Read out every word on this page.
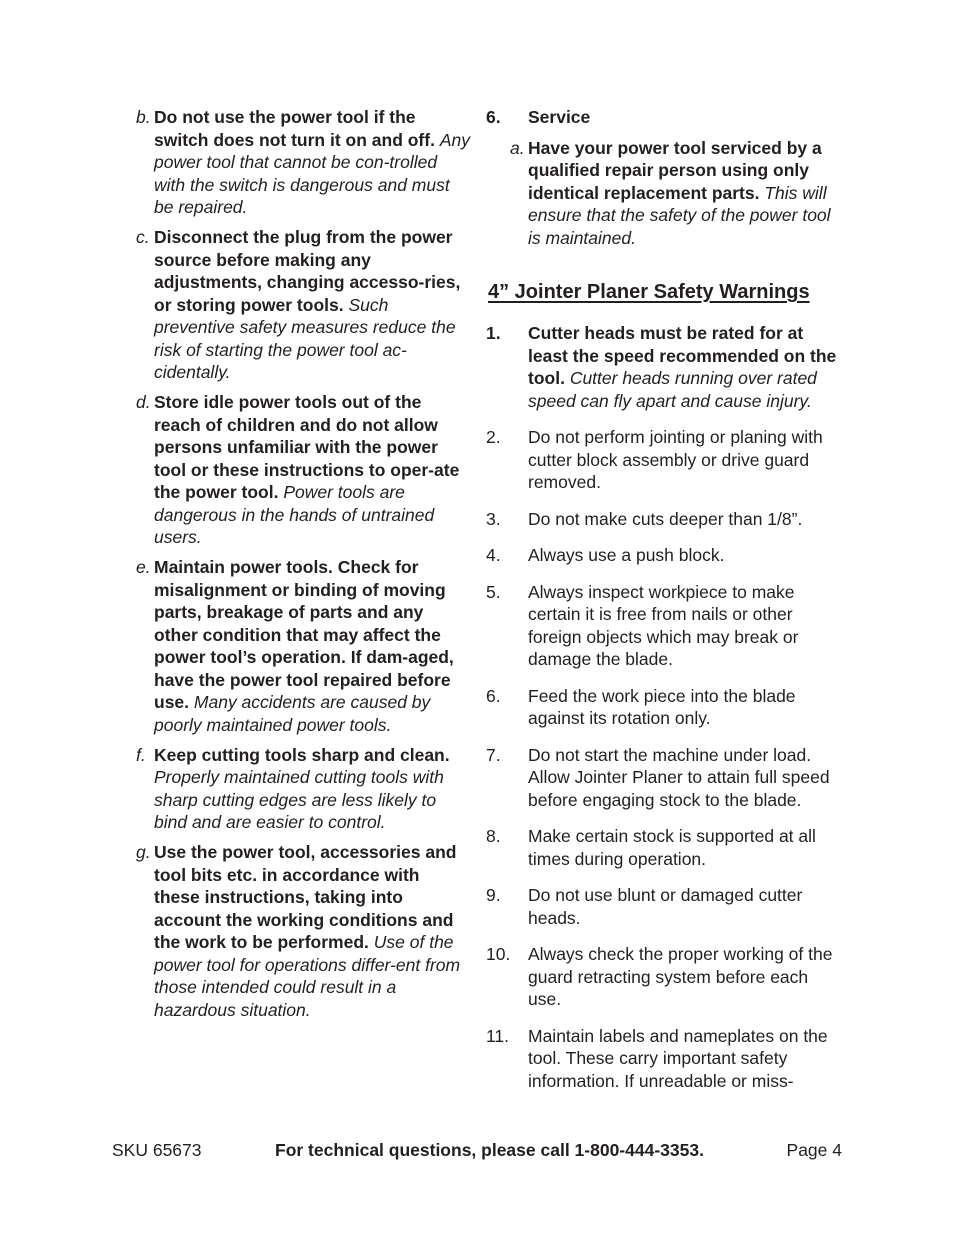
b. Do not use the power tool if the switch does not turn it on and off. Any power tool that cannot be con-trolled with the switch is dangerous and must be repaired.
c. Disconnect the plug from the power source before making any adjustments, changing accesso-ries, or storing power tools. Such preventive safety measures reduce the risk of starting the power tool ac-cidentally.
d. Store idle power tools out of the reach of children and do not allow persons unfamiliar with the power tool or these instructions to oper-ate the power tool. Power tools are dangerous in the hands of untrained users.
e. Maintain power tools. Check for misalignment or binding of moving parts, breakage of parts and any other condition that may affect the power tool’s operation. If dam-aged, have the power tool repaired before use. Many accidents are caused by poorly maintained power tools.
f. Keep cutting tools sharp and clean. Properly maintained cutting tools with sharp cutting edges are less likely to bind and are easier to control.
g. Use the power tool, accessories and tool bits etc. in accordance with these instructions, taking into account the working conditions and the work to be performed. Use of the power tool for operations differ-ent from those intended could result in a hazardous situation.
6. Service
a. Have your power tool serviced by a qualified repair person using only identical replacement parts. This will ensure that the safety of the power tool is maintained.
4” Jointer Planer Safety Warnings
1. Cutter heads must be rated for at least the speed recommended on the tool. Cutter heads running over rated speed can fly apart and cause injury.
2. Do not perform jointing or planing with cutter block assembly or drive guard removed.
3. Do not make cuts deeper than 1/8”.
4. Always use a push block.
5. Always inspect workpiece to make certain it is free from nails or other foreign objects which may break or damage the blade.
6. Feed the work piece into the blade against its rotation only.
7. Do not start the machine under load. Allow Jointer Planer to attain full speed before engaging stock to the blade.
8. Make certain stock is supported at all times during operation.
9. Do not use blunt or damaged cutter heads.
10. Always check the proper working of the guard retracting system before each use.
11. Maintain labels and nameplates on the tool. These carry important safety information. If unreadable or miss-
SKU 65673	For technical questions, please call 1-800-444-3353.	Page 4
